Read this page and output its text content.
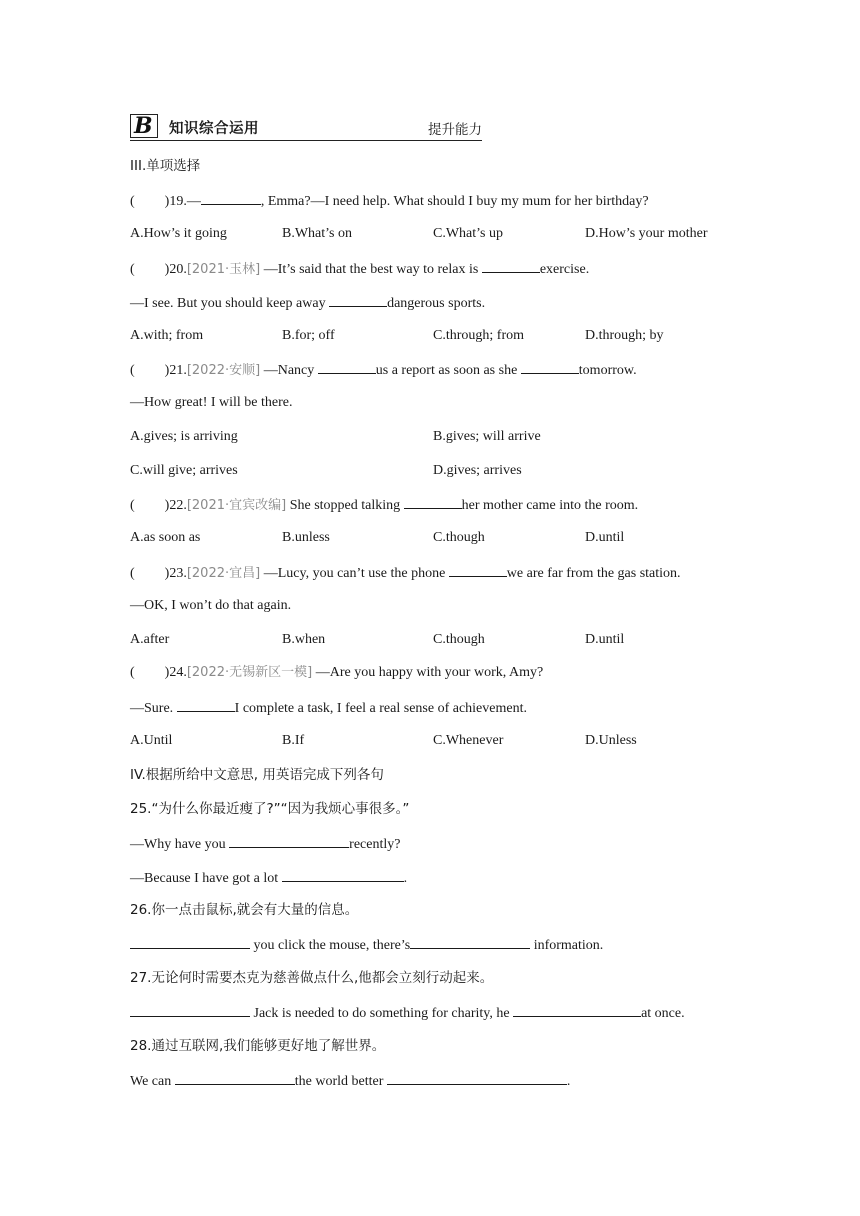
B 知识综合运用	提升能力
III.单项选择
( )19.—	, Emma?—I need help. What should I buy my mum for her birthday?
A.How’s it going	B.What’s on	C.What’s up	D.How’s your mother
( )20.[2021·玉林] —It’s said that the best way to relax is	exercise.
—I see. But you should keep away	dangerous sports.
A.with; from	B.for; off	C.through; from	D.through; by
( )21.[2022·安顺] —Nancy	us a report as soon as she	tomorrow.
—How great! I will be there.
A.gives; is arriving	B.gives; will arrive
C.will give; arrives	D.gives; arrives
( )22.[2021·宜宾改编] She stopped talking	her mother came into the room.
A.as soon as	B.unless	C.though	D.until
( )23.[2022·宜昌] —Lucy, you can’t use the phone	we are far from the gas station.
—OK, I won’t do that again.
A.after	B.when	C.though	D.until
( )24.[2022·无锡新区一模] —Are you happy with your work, Amy?
—Sure.	I complete a task, I feel a real sense of achievement.
A.Until	B.If	C.Whenever	D.Unless
IV.根据所给中文意思, 用英语完成下列各句
25.“为什么你最近瘦了?”“因为我烦心事很多。”
—Why have you	recently?
—Because I have got a lot	.
26.你一点击鼠标,就会有大量的信息。
you click the mouse, there’s	information.
27.无论何时需要杰克为慈善做点什么,他都会立刻行动起来。
Jack is needed to do something for charity, he	at once.
28.通过互联网,我们能够更好地了解世界。
We can	the world better	.
